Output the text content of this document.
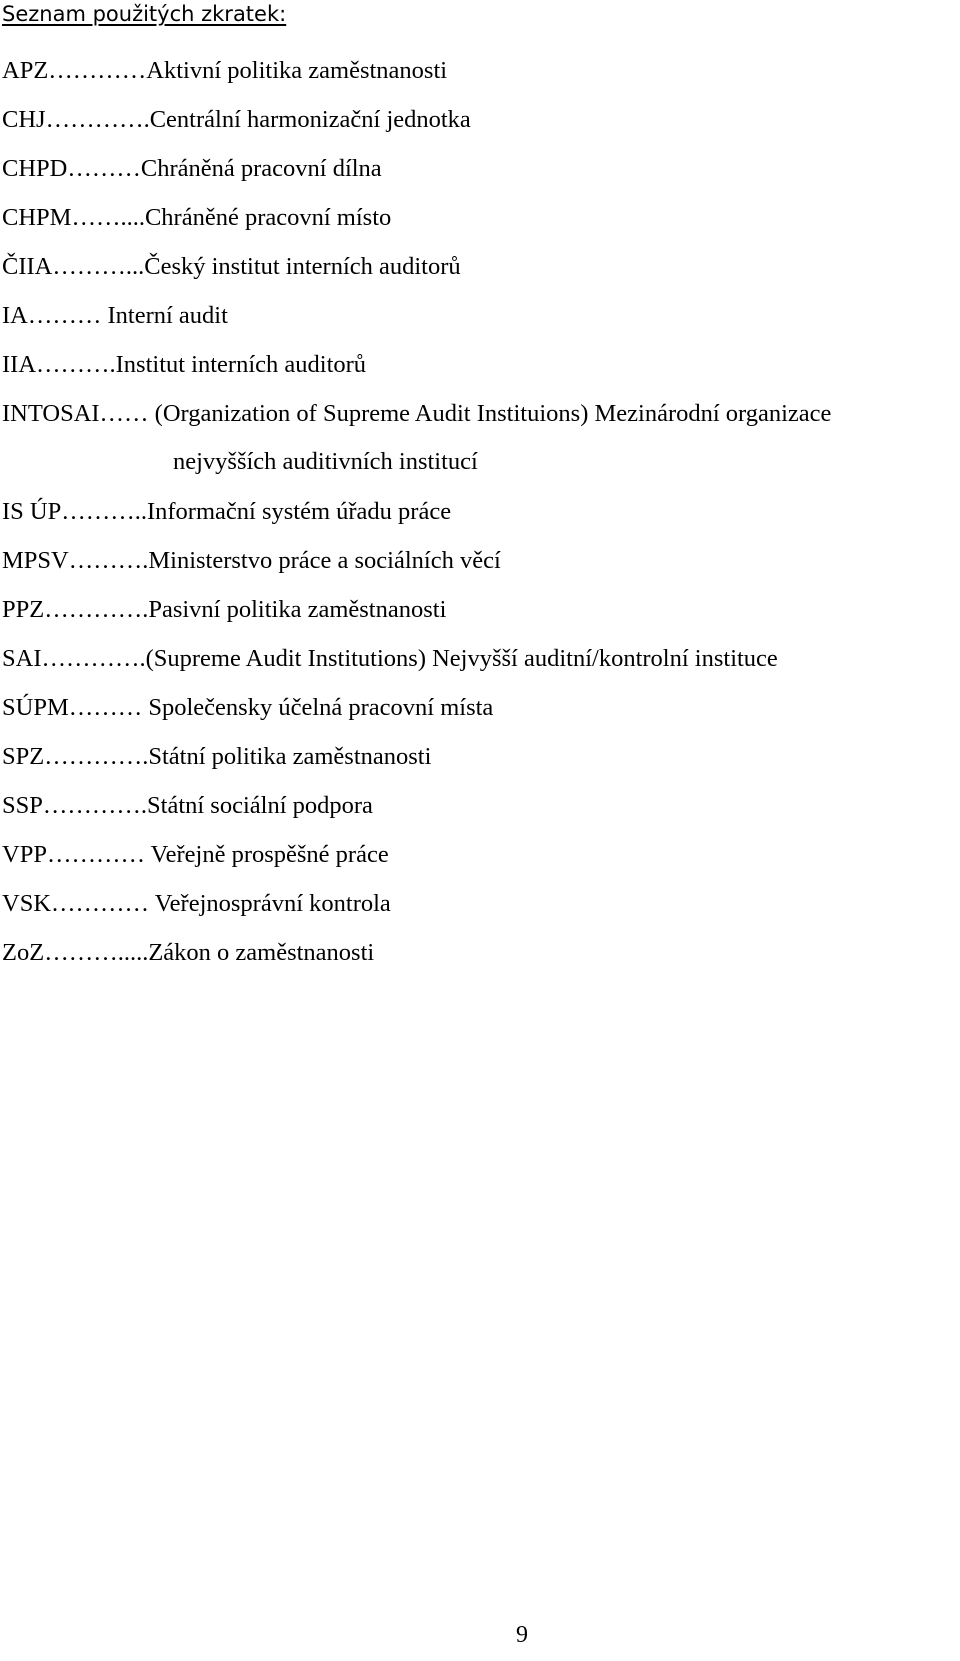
Seznam použitých zkratek:
APZ…………Aktivní politika zaměstnanosti
CHJ………….Centrální harmonizační jednotka
CHPD………Chráněná pracovní dílna
CHPM……....Chráněné pracovní místo
ČIIA………...Český institut interních auditorů
IA……… Interní audit
IIA……….Institut interních auditorů
INTOSAI…… (Organization of Supreme Audit Instituions) Mezinárodní organizace
nejvyšších auditivních institucí
IS ÚP………..Informační systém úřadu práce
MPSV……….Ministerstvo práce a sociálních věcí
PPZ………….Pasivní politika zaměstnanosti
SAI………….(Supreme Audit Institutions) Nejvyšší auditní/kontrolní instituce
SÚPM……… Společensky účelná pracovní místa
SPZ………….Státní politika zaměstnanosti
SSP………….Státní sociální podpora
VPP………… Veřejně prospěšné práce
VSK………… Veřejnosprávní kontrola
ZoZ……….....Zákon o zaměstnanosti
9
